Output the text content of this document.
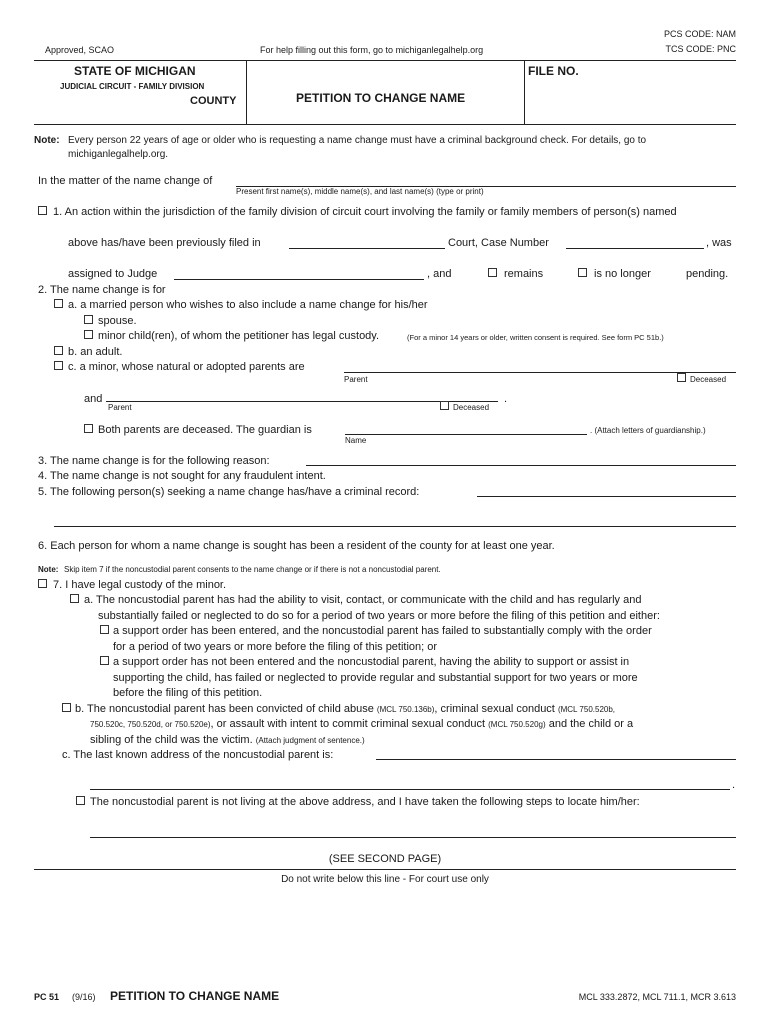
PCS CODE: NAM
TCS CODE: PNC
Approved, SCAO	For help filling out this form, go to michiganlegalhelp.org
STATE OF MICHIGAN
JUDICIAL CIRCUIT - FAMILY DIVISION
COUNTY	PETITION TO CHANGE NAME
FILE NO.
Note: Every person 22 years of age or older who is requesting a name change must have a criminal background check. For details, go to
michiganlegalhelp.org.
In the matter of the name change of
Present first name(s), middle name(s), and last name(s) (type or print)
1. An action within the jurisdiction of the family division of circuit court involving the family or family members of person(s) named
above has/have been previously filed in	Court, Case Number	, was
assigned to Judge	, and	remains	is no longer	pending.
2. The name change is for
a. a married person who wishes to also include a name change for his/her
spouse.
minor child(ren), of whom the petitioner has legal custody.	(For a minor 14 years or older, written consent is required. See form PC 51b.)
b. an adult.
c. a minor, whose natural or adopted parents are
Parent	Deceased
and
Parent	Deceased
.
Both parents are deceased. The guardian is
Name
. (Attach letters of guardianship.)
3. The name change is for the following reason:
4. The name change is not sought for any fraudulent intent.
5. The following person(s) seeking a name change has/have a criminal record:
6. Each person for whom a name change is sought has been a resident of the county for at least one year.
Note: Skip item 7 if the noncustodial parent consents to the name change or if there is not a noncustodial parent.
7. I have legal custody of the minor.
a. The noncustodial parent has had the ability to visit, contact, or communicate with the child and has regularly and
substantially failed or neglected to do so for a period of two years or more before the filing of this petition and either:
a support order has been entered, and the noncustodial parent has failed to substantially comply with the order
for a period of two years or more before the filing of this petition; or
a support order has not been entered and the noncustodial parent, having the ability to support or assist in
supporting the child, has failed or neglected to provide regular and substantial support for two years or more
before the filing of this petition.
b. The noncustodial parent has been convicted of child abuse (MCL 750.136b), criminal sexual conduct (MCL 750.520b,
750.520c, 750.520d, or 750.520e), or assault with intent to commit criminal sexual conduct (MCL 750.520g) and the child or a
sibling of the child was the victim. (Attach judgment of sentence.)
c. The last known address of the noncustodial parent is:
.
The noncustodial parent is not living at the above address, and I have taken the following steps to locate him/her:
(SEE SECOND PAGE)
Do not write below this line - For court use only
PC 51 (9/16) PETITION TO CHANGE NAME	MCL 333.2872, MCL 711.1, MCR 3.613
